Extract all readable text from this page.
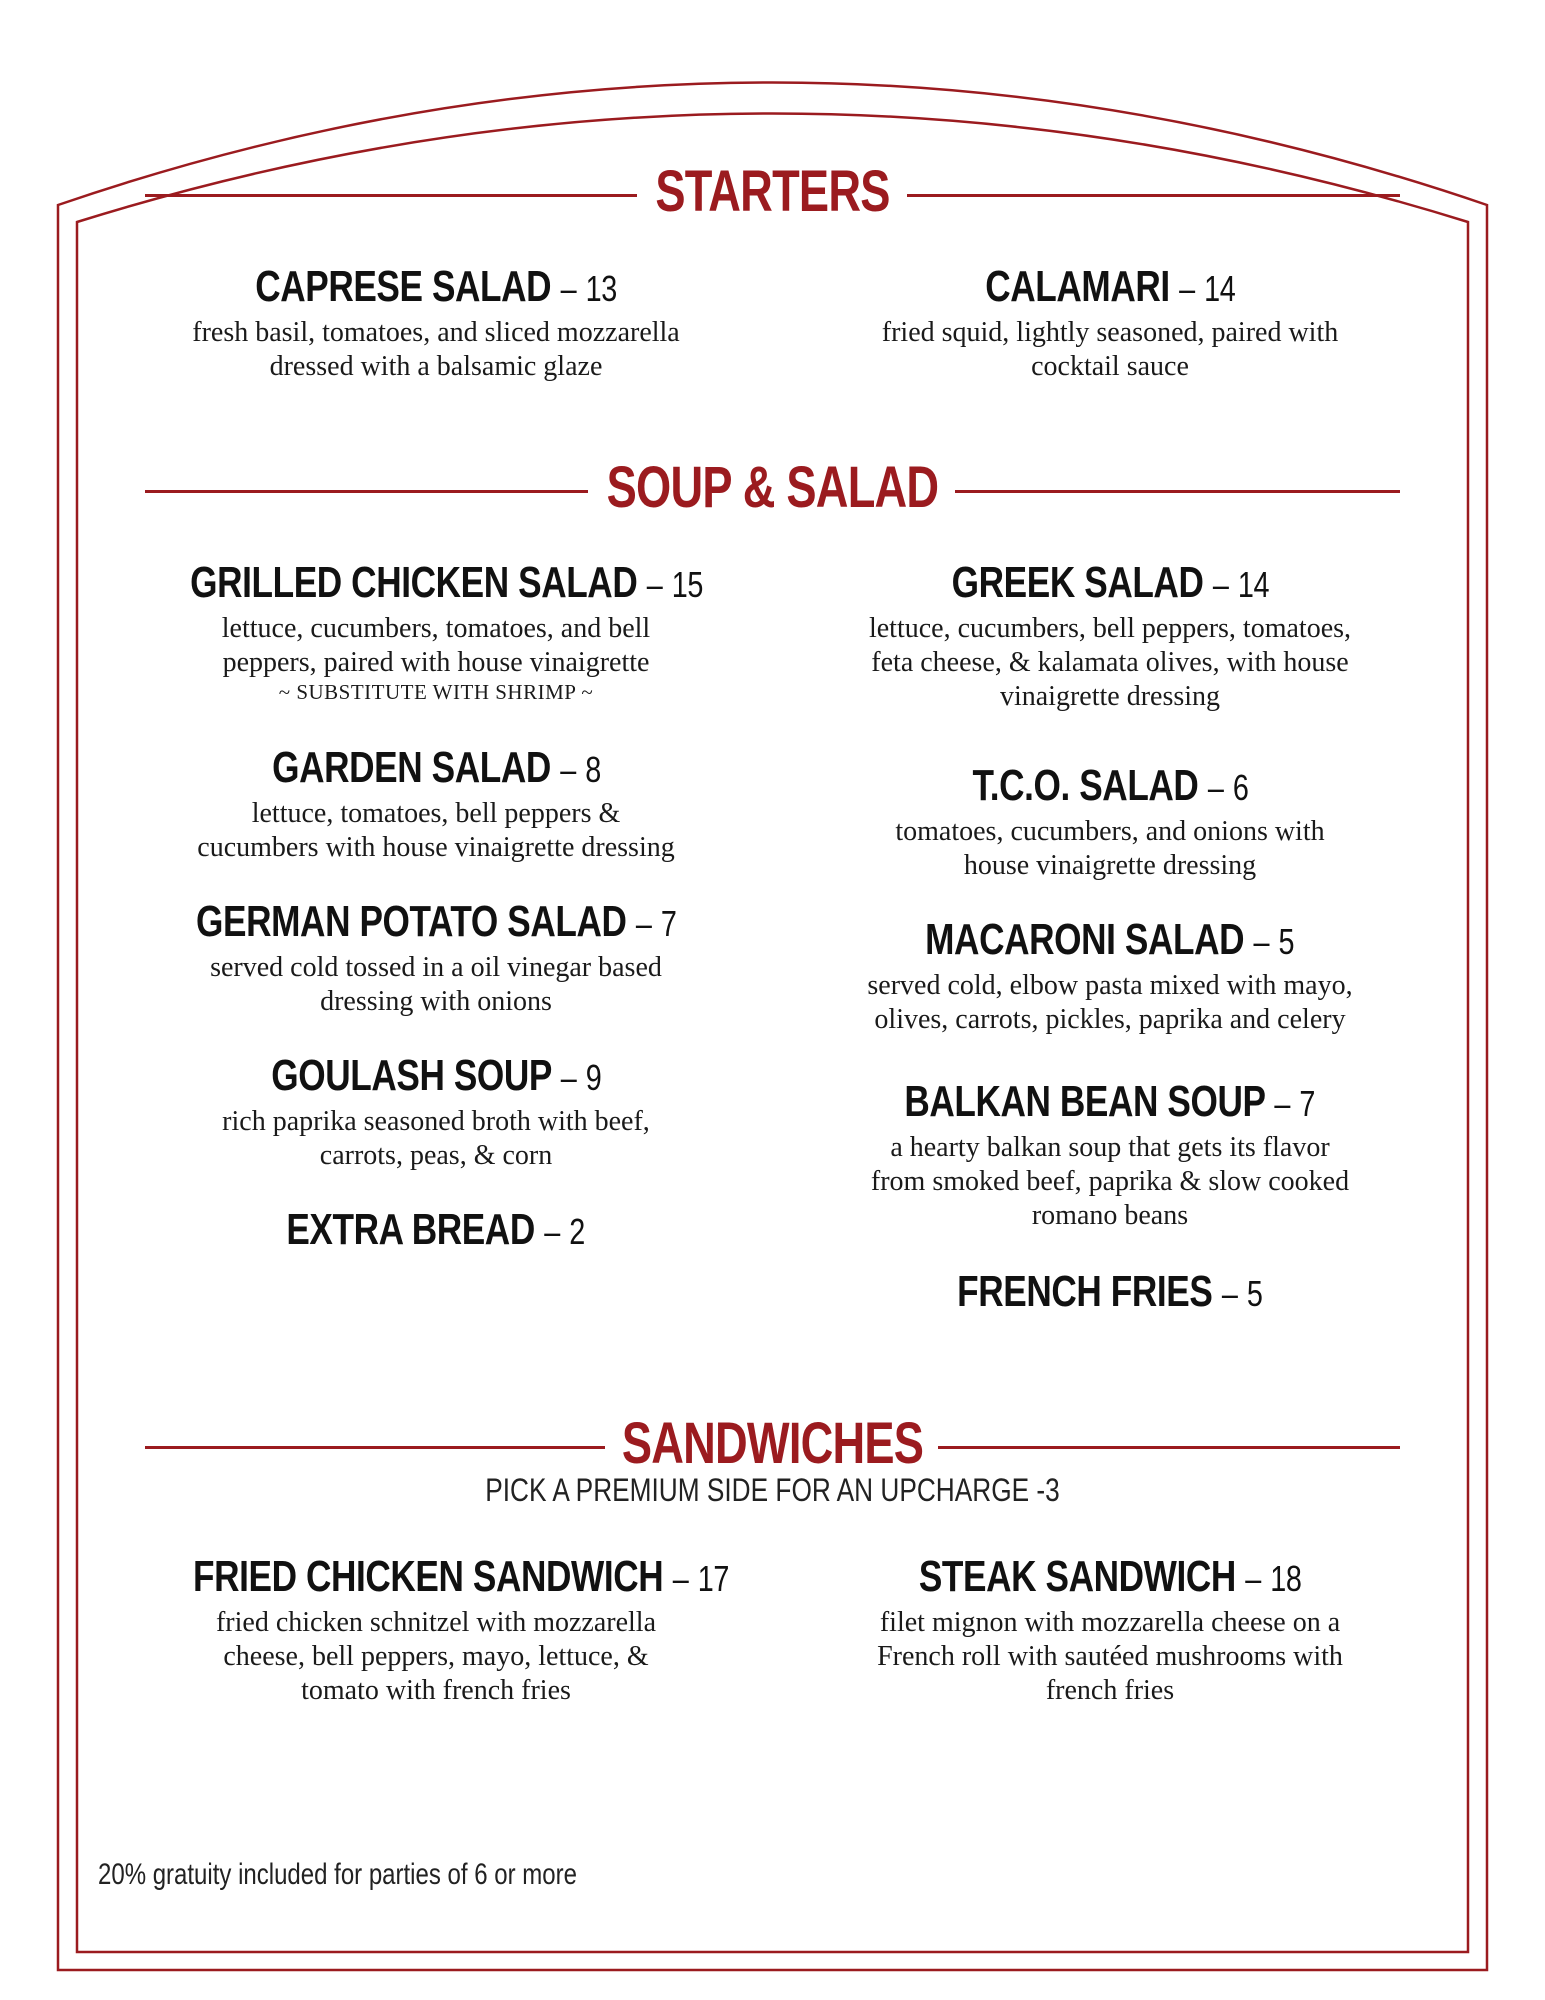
STARTERS
CAPRESE SALAD – 13
fresh basil, tomatoes, and sliced mozzarella
dressed with a balsamic glaze
CALAMARI – 14
fried squid, lightly seasoned, paired with
cocktail sauce
SOUP & SALAD
GRILLED CHICKEN SALAD – 15
lettuce, cucumbers, tomatoes, and bell
peppers, paired with house vinaigrette
~ SUBSTITUTE WITH SHRIMP ~
GARDEN SALAD – 8
lettuce, tomatoes, bell peppers &
cucumbers with house vinaigrette dressing
GERMAN POTATO SALAD – 7
served cold tossed in a oil vinegar based
dressing with onions
GOULASH SOUP – 9
rich paprika seasoned broth with beef,
carrots, peas, & corn
EXTRA BREAD – 2
GREEK SALAD – 14
lettuce, cucumbers, bell peppers, tomatoes,
feta cheese, & kalamata olives, with house
vinaigrette dressing
T.C.O. SALAD – 6
tomatoes, cucumbers, and onions with
house vinaigrette dressing
MACARONI SALAD – 5
served cold, elbow pasta mixed with mayo,
olives, carrots, pickles, paprika and celery
BALKAN BEAN SOUP – 7
a hearty balkan soup that gets its flavor
from smoked beef, paprika & slow cooked
romano beans
FRENCH FRIES – 5
SANDWICHES
PICK A PREMIUM SIDE FOR AN UPCHARGE -3
FRIED CHICKEN SANDWICH – 17
fried chicken schnitzel with mozzarella
cheese, bell peppers, mayo, lettuce, &
tomato with french fries
STEAK SANDWICH – 18
filet mignon with mozzarella cheese on a
French roll with sautéed mushrooms with
french fries
20% gratuity included for parties of 6 or more
